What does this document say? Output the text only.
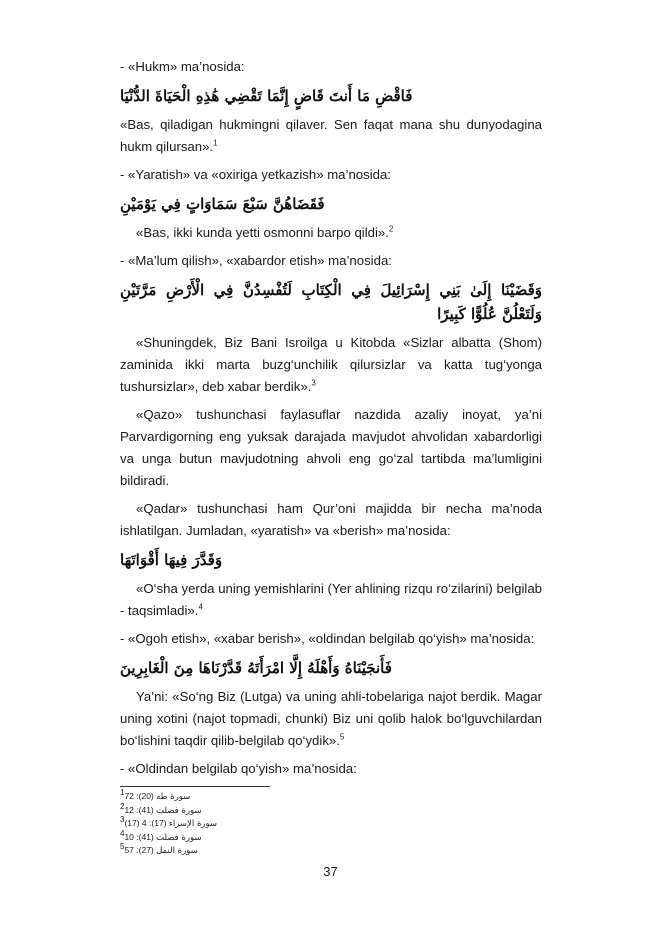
- «Hukm» ma’nosida:

فَاقْضِ مَا أَنتَ قَاضٍ إِنَّمَا تَقْضِي هَٰذِهِ الْحَيَاةَ الدُّنْيَا

«Bas, qiladigan hukmingni qilaver. Sen faqat mana shu dunyodagina hukm qilursan».$^1$

- «Yaratish» va «oxiriga yetkazish» ma’nosida:

فَقَضَاهُنَّ سَبْعَ سَمَاوَاتٍ فِي يَوْمَيْنِ

«Bas, ikki kunda yetti osmonni barpo qildi».$^2$

- «Ma’lum qilish», «xabardor etish» ma’nosida:

وَقَضَيْنَا إِلَىٰ بَنِي إِسْرَائِيلَ فِي الْكِتَابِ لَتُفْسِدُنَّ فِي الْأَرْضِ مَرَّتَيْنِ وَلَتَعْلُنَّ عُلُوًّا كَبِيرًا

«Shuningdek, Biz Bani Isroilga u Kitobda «Sizlar albatta (Shom) zaminida ikki marta buzg‘unchilik qilursizlar va katta tug‘yonga tushursizlar», deb xabar berdik».$^3$

«Qazo» tushunchasi faylasuflar nazdida azaliy inoyat, ya’ni Parvardigorning eng yuksak darajada mavjudot ahvolidan xabardorligi va unga butun mavjudotning ahvoli eng go‘zal tartibda ma’lumligini bildiradi.

«Qadar» tushunchasi ham Qur’oni majidda bir necha ma’noda ishlatilgan. Jumladan, «yaratish» va «berish» ma’nosida:

وَقَدَّرَ فِيهَا أَقْوَاتَهَا

«O‘sha yerda uning yemishlarini (Yer ahlining rizqu ro‘zilarini) belgilab - taqsimladi».$^4$

- «Ogoh etish», «xabar berish», «oldindan belgilab qo‘yish» ma’nosida:

فَأَنجَيْنَاهُ وَأَهْلَهُ إِلَّا امْرَأَتَهُ قَدَّرْنَاهَا مِنَ الْغَابِرِينَ

Ya’ni: «So‘ng Biz (Lutga) va uning ahli-tobelariga najot berdik. Magar uning xotini (najot topmadi, chunki) Biz uni qolib halok bo‘lguvchilardan bo‘lishini taqdir qilib-belgilab qo‘ydik».$^5$

- «Oldindan belgilab qo‘yish» ma’nosida:

$^1$72 :(20) سورة طه

$^2$12 :(41) سورة فصلت

$^3$(17) 4 :(17) سورة الإسراء

$^4$10 :(41) سورة فصلت

$^5$57 :(27) سورة النمل

37
